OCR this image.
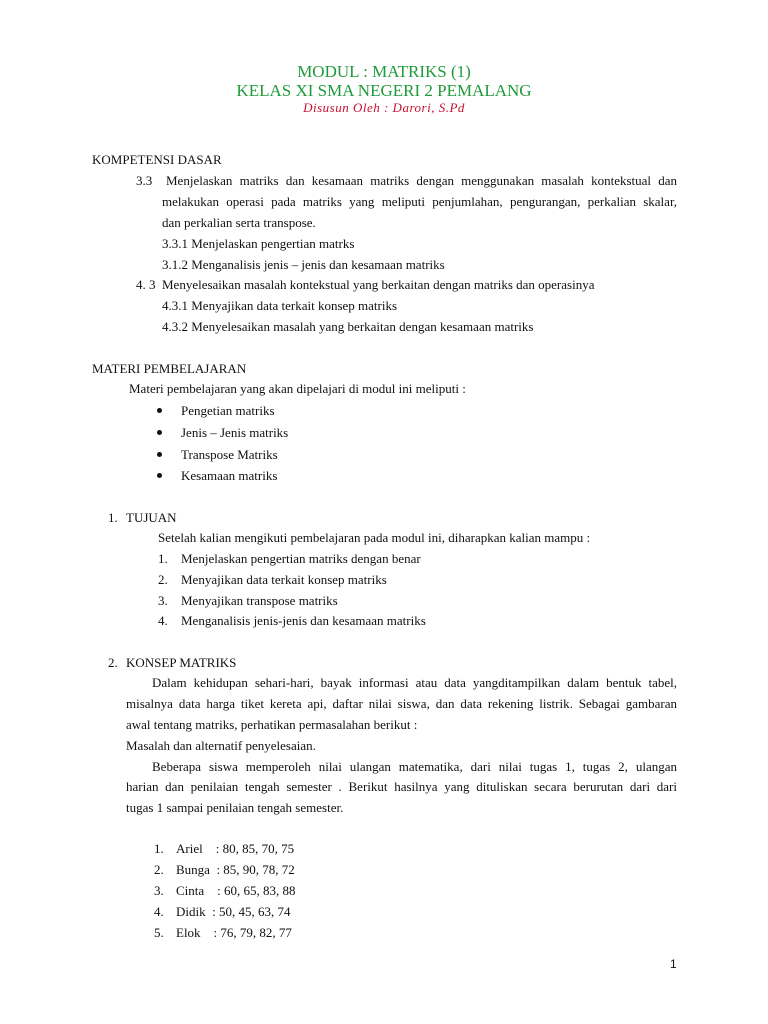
MODUL : MATRIKS (1)
KELAS XI SMA NEGERI 2 PEMALANG
Disusun Oleh : Darori, S.Pd
KOMPETENSI DASAR
3.3 Menjelaskan matriks dan kesamaan matriks dengan menggunakan masalah kontekstual dan
melakukan operasi pada matriks yang meliputi penjumlahan, pengurangan, perkalian skalar,
dan perkalian serta transpose.
3.3.1 Menjelaskan pengertian matrks
3.1.2 Menganalisis jenis – jenis dan kesamaan matriks
4. 3 Menyelesaikan masalah kontekstual yang berkaitan dengan matriks dan operasinya
4.3.1 Menyajikan data terkait konsep matriks
4.3.2 Menyelesaikan masalah yang berkaitan dengan kesamaan matriks
MATERI PEMBELAJARAN
Materi pembelajaran yang akan dipelajari di modul ini meliputi :
Pengetian matriks
Jenis – Jenis matriks
Transpose Matriks
Kesamaan matriks
1. TUJUAN
Setelah kalian mengikuti pembelajaran pada modul ini, diharapkan kalian mampu :
1. Menjelaskan pengertian matriks dengan benar
2. Menyajikan data terkait konsep matriks
3. Menyajikan transpose matriks
4. Menganalisis jenis-jenis dan kesamaan matriks
2. KONSEP MATRIKS
Dalam kehidupan sehari-hari, bayak informasi atau data yangditampilkan dalam bentuk tabel,
misalnya data harga tiket kereta api, daftar nilai siswa, dan data rekening listrik. Sebagai gambaran
awal tentang matriks, perhatikan permasalahan berikut :
Masalah dan alternatif penyelesaian.
Beberapa siswa memperoleh nilai ulangan matematika, dari nilai tugas 1, tugas 2, ulangan
harian dan penilaian tengah semester . Berikut hasilnya yang dituliskan secara berurutan dari dari
tugas 1 sampai penilaian tengah semester.
1. Ariel    : 80, 85, 70, 75
2. Bunga  : 85, 90, 78, 72
3. Cinta    : 60, 65, 83, 88
4. Didik  : 50, 45, 63, 74
5. Elok    : 76, 79, 82, 77
1
